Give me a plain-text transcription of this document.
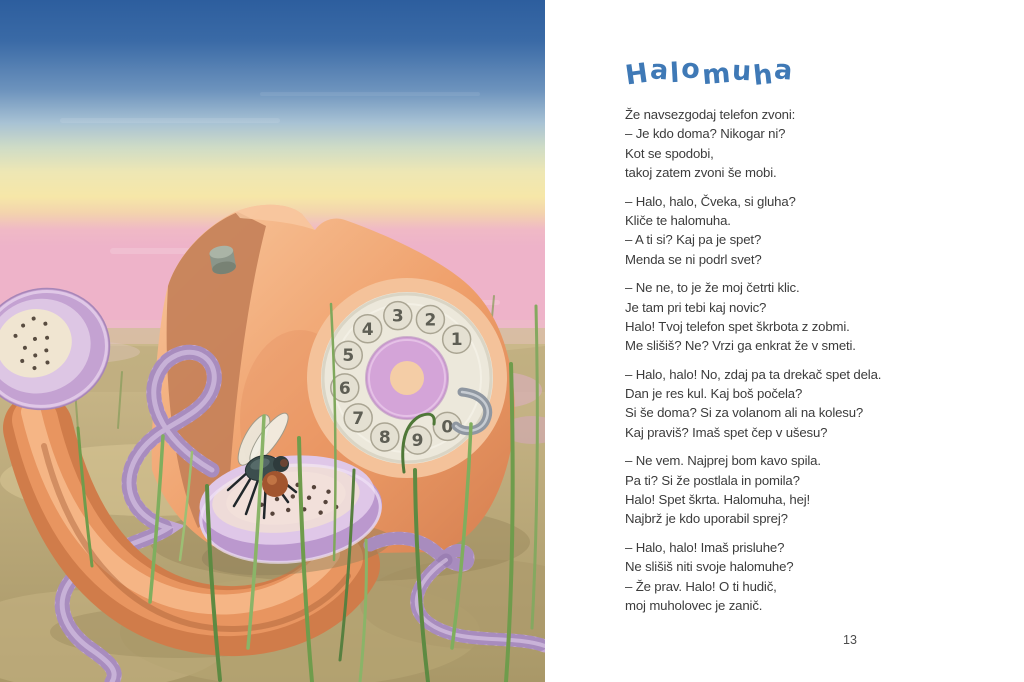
1
2
3
4
5
6
7
8 9
0
Halomuha
Že navsezgodaj telefon zvoni:
– Je kdo doma? Nikogar ni?
Kot se spodobi,
takoj zatem zvoni še mobi.
– Halo, halo, Čveka, si gluha?
Kliče te halomuha.
– A ti si? Kaj pa je spet?
Menda se ni podrl svet?
– Ne ne, to je že moj četrti klic.
Je tam pri tebi kaj novic?
Halo! Tvoj telefon spet škrbota z zobmi.
Me slišiš? Ne? Vrzi ga enkrat že v smeti.
– Halo, halo! No, zdaj pa ta drekač spet dela.
Dan je res kul. Kaj boš počela?
Si še doma? Si za volanom ali na kolesu?
Kaj praviš? Imaš spet čep v ušesu?
– Ne vem. Najprej bom kavo spila.
Pa ti? Si že postlala in pomila?
Halo! Spet škrta. Halomuha, hej!
Najbrž je kdo uporabil sprej?
– Halo, halo! Imaš prisluhe?
Ne slišiš niti svoje halomuhe?
– Že prav. Halo! O ti hudič,
moj muholovec je zanič.
13
